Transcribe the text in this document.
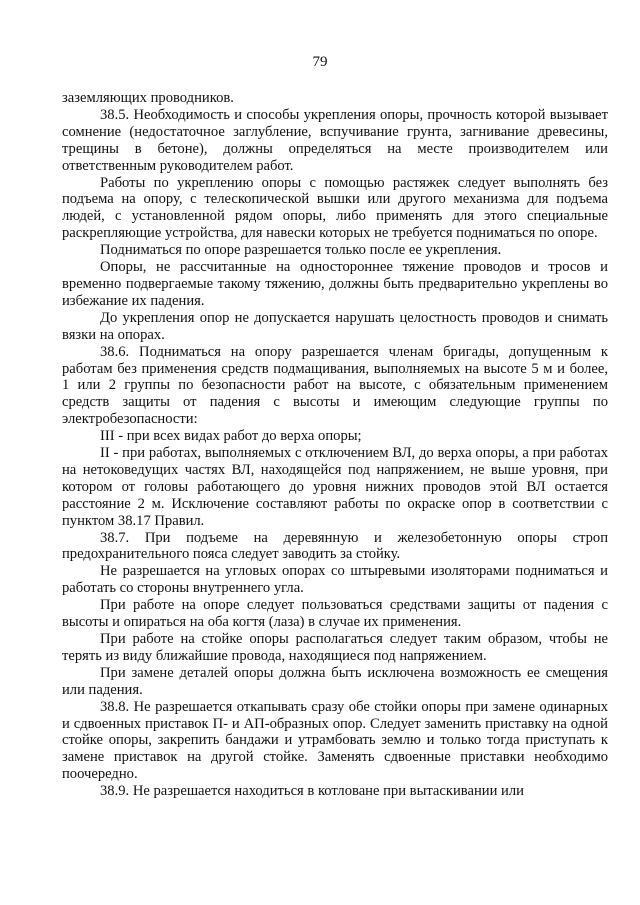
79

заземляющих проводников.

38.5. Необходимость и способы укрепления опоры, прочность которой вызывает сомнение (недостаточное заглубление, вспучивание грунта, загнивание древесины, трещины в бетоне), должны определяться на месте производителем или ответственным руководителем работ.

Работы по укреплению опоры с помощью растяжек следует выполнять без подъема на опору, с телескопической вышки или другого механизма для подъема людей, с установленной рядом опоры, либо применять для этого специальные раскрепляющие устройства, для навески которых не требуется подниматься по опоре.

Подниматься по опоре разрешается только после ее укрепления.

Опоры, не рассчитанные на одностороннее тяжение проводов и тросов и временно подвергаемые такому тяжению, должны быть предварительно укреплены во избежание их падения.

До укрепления опор не допускается нарушать целостность проводов и снимать вязки на опорах.

38.6. Подниматься на опору разрешается членам бригады, допущенным к работам без применения средств подмащивания, выполняемых на высоте 5 м и более, 1 или 2 группы по безопасности работ на высоте, с обязательным применением средств защиты от падения с высоты и имеющим следующие группы по электробезопасности:

III - при всех видах работ до верха опоры;

II - при работах, выполняемых с отключением ВЛ, до верха опоры, а при работах на нетоковедущих частях ВЛ, находящейся под напряжением, не выше уровня, при котором от головы работающего до уровня нижних проводов этой ВЛ остается расстояние 2 м. Исключение составляют работы по окраске опор в соответствии с пунктом 38.17 Правил.

38.7. При подъеме на деревянную и железобетонную опоры строп предохранительного пояса следует заводить за стойку.

Не разрешается на угловых опорах со штыревыми изоляторами подниматься и работать со стороны внутреннего угла.

При работе на опоре следует пользоваться средствами защиты от падения с высоты и опираться на оба когтя (лаза) в случае их применения.

При работе на стойке опоры располагаться следует таким образом, чтобы не терять из виду ближайшие провода, находящиеся под напряжением.

При замене деталей опоры должна быть исключена возможность ее смещения или падения.

38.8. Не разрешается откапывать сразу обе стойки опоры при замене одинарных и сдвоенных приставок П- и АП-образных опор. Следует заменить приставку на одной стойке опоры, закрепить бандажи и утрамбовать землю и только тогда приступать к замене приставок на другой стойке. Заменять сдвоенные приставки необходимо поочередно.

38.9. Не разрешается находиться в котловане при вытаскивании или
